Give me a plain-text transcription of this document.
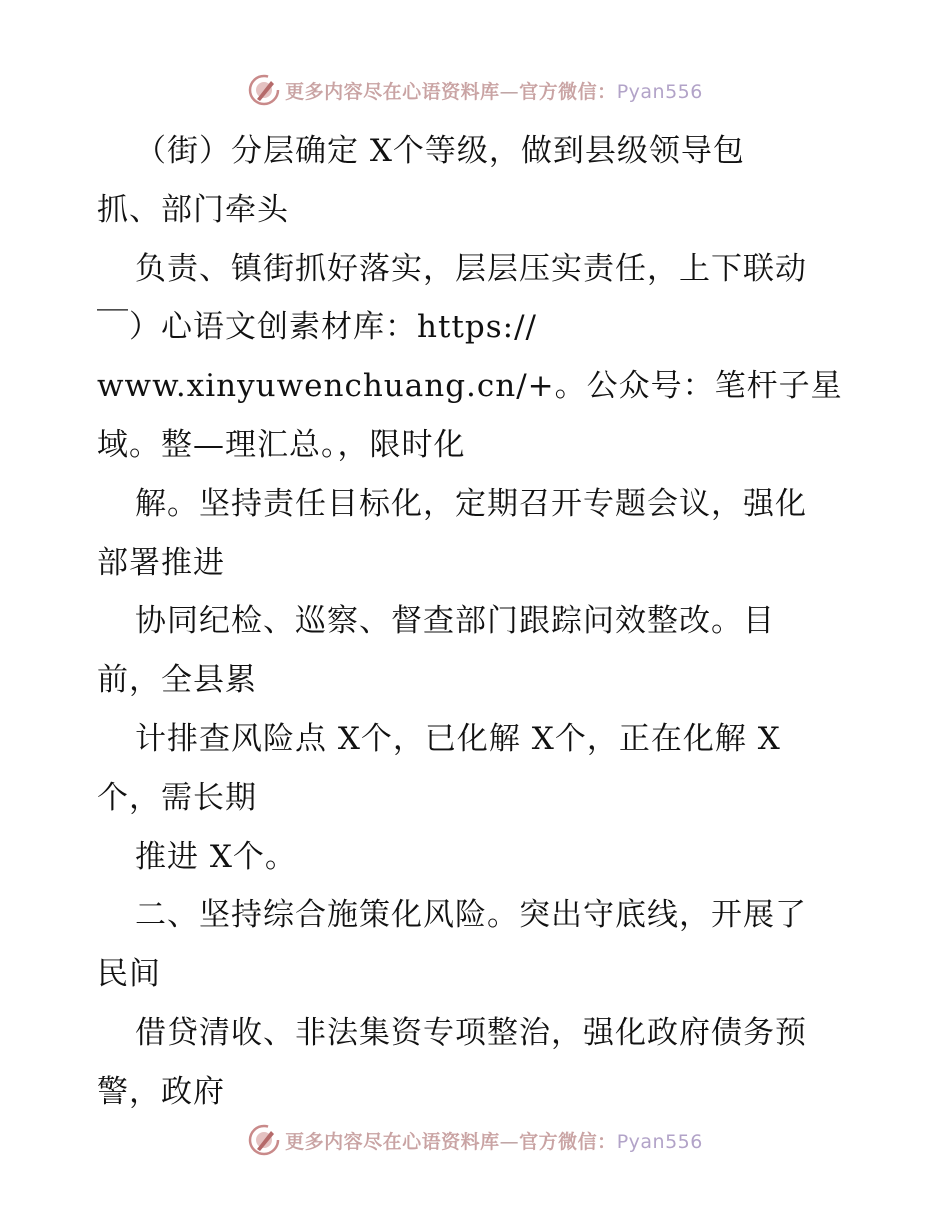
更多内容尽在心语资料库—官方微信：Pyan556
（街）分层确定 X个等级，做到县级领导包
抓、部门牵头
负责、镇街抓好落实，层层压实责任，上下联动
￣）心语文创素材库：https://
www.xinyuwenchuang.cn/+。公众号：笔杆子星
域。整—理汇总。，限时化
解。坚持责任目标化，定期召开专题会议，强化
部署推进
协同纪检、巡察、督查部门跟踪问效整改。目
前，全县累
计排查风险点 X个，已化解 X个，正在化解 X
个，需长期
推进 X个。
二、坚持综合施策化风险。突出守底线，开展了
民间
借贷清收、非法集资专项整治，强化政府债务预
警，政府
更多内容尽在心语资料库—官方微信：Pyan556
